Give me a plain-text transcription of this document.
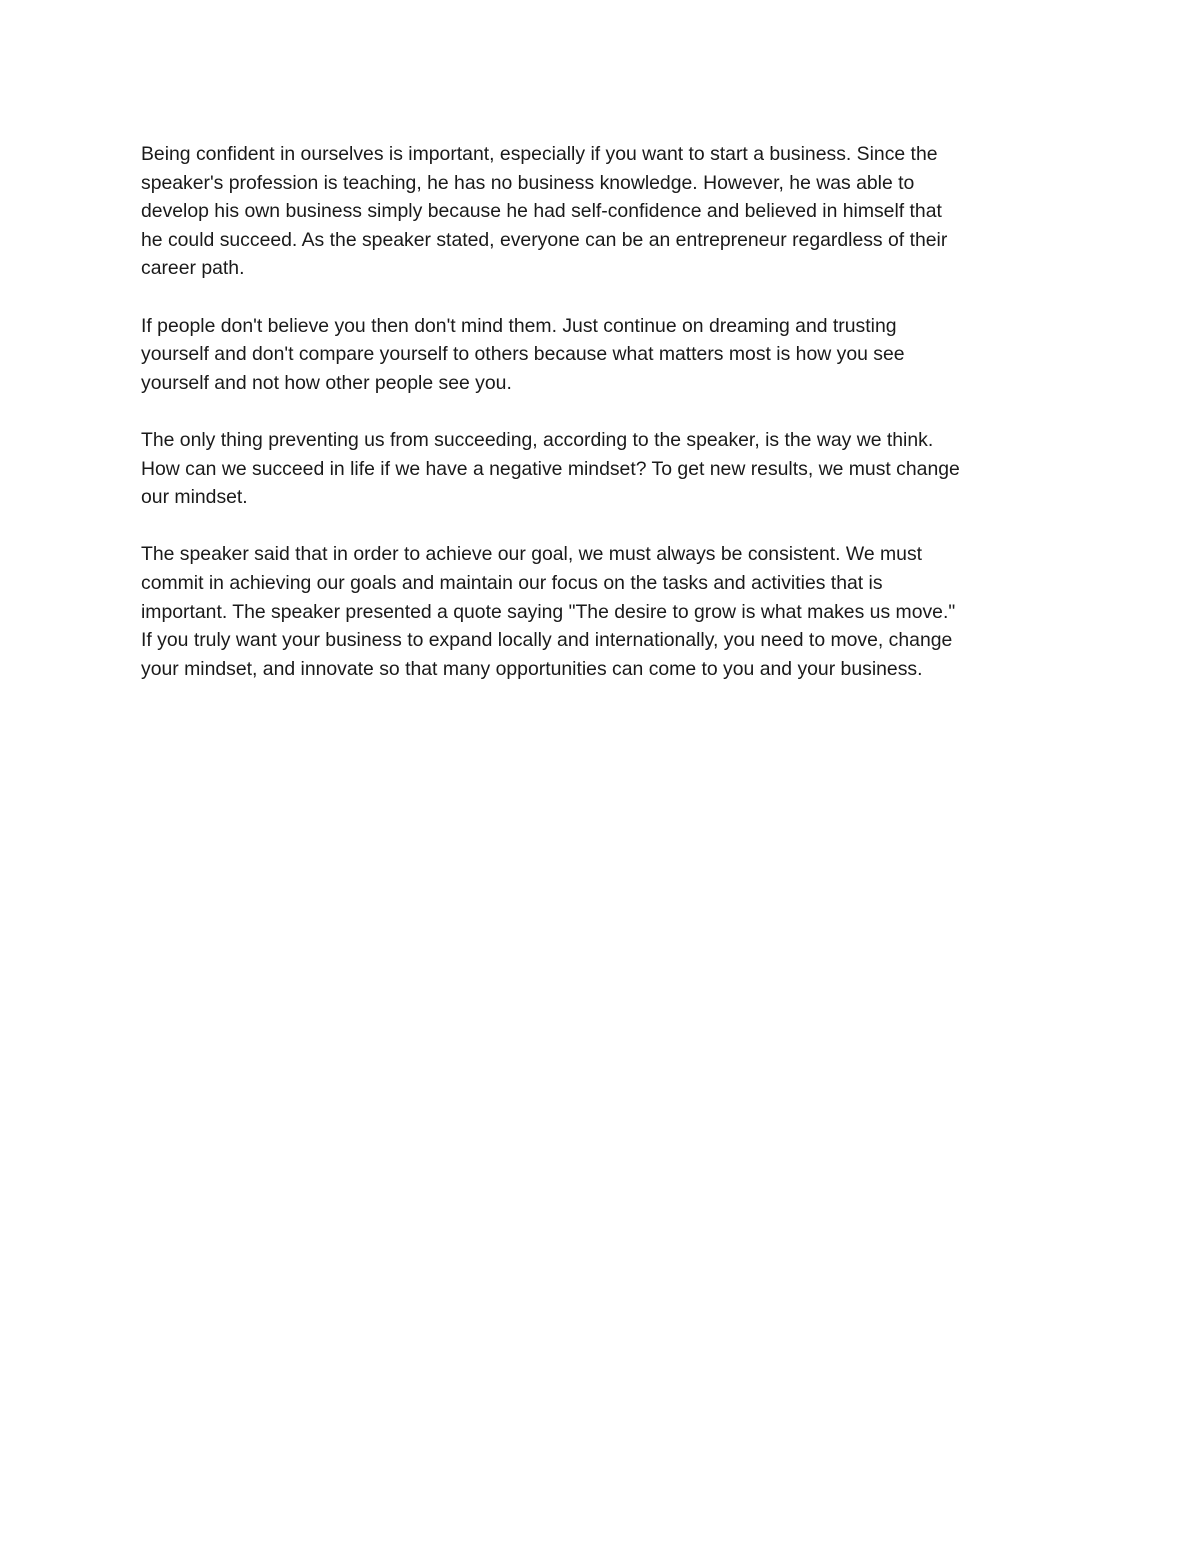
Being confident in ourselves is important, especially if you want to start a business. Since the
speaker's profession is teaching, he has no business knowledge. However, he was able to
develop his own business simply because he had self-confidence and believed in himself that
he could succeed. As the speaker stated, everyone can be an entrepreneur regardless of their
career path.

If people don't believe you then don't mind them. Just continue on dreaming and trusting
yourself and don't compare yourself to others because what matters most is how you see
yourself and not how other people see you.

The only thing preventing us from succeeding, according to the speaker, is the way we think.
How can we succeed in life if we have a negative mindset? To get new results, we must change
our mindset.

The speaker said that in order to achieve our goal, we must always be consistent. We must
commit in achieving our goals and maintain our focus on the tasks and activities that is
important. The speaker presented a quote saying "The desire to grow is what makes us move."
If you truly want your business to expand locally and internationally, you need to move, change
your mindset, and innovate so that many opportunities can come to you and your business.
